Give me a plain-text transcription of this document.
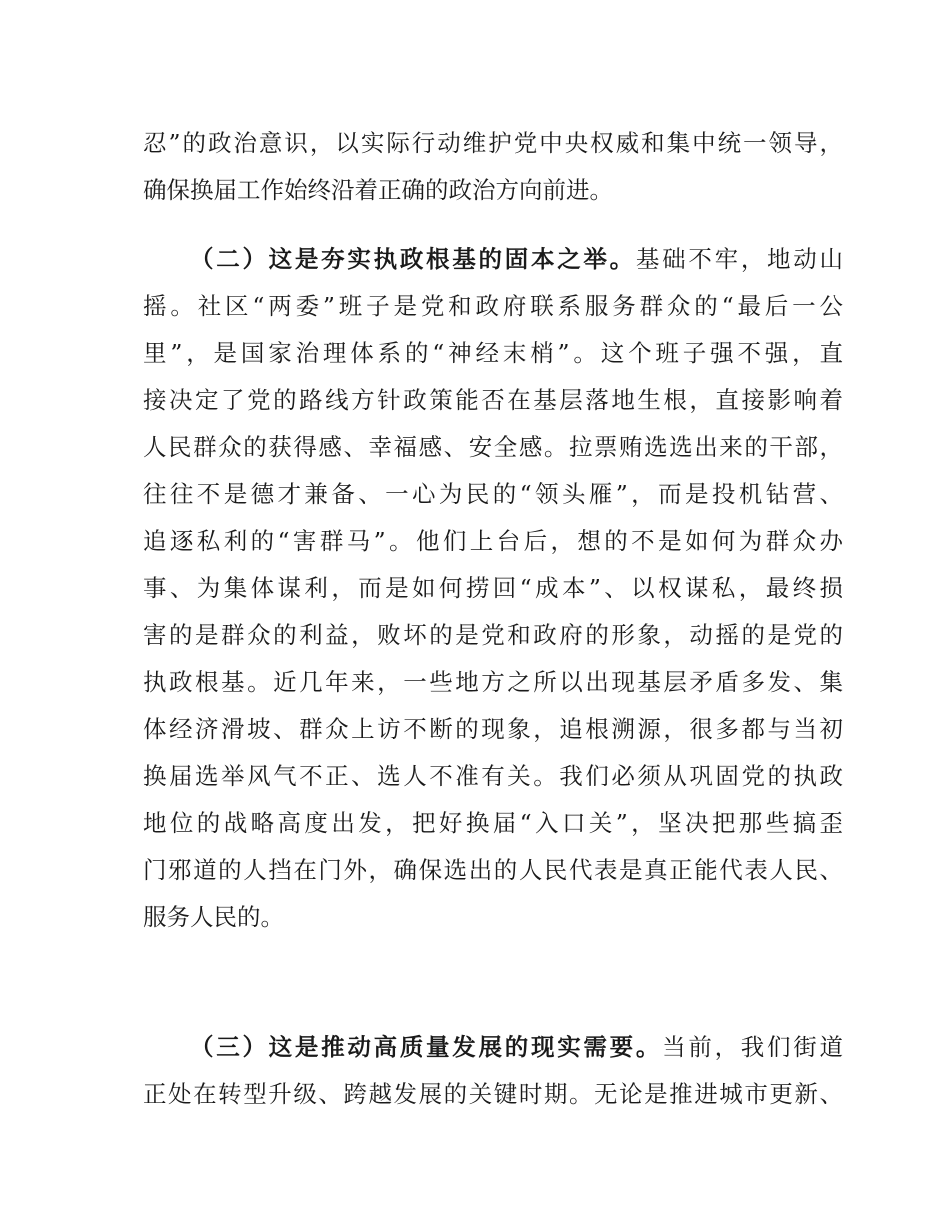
忍”的政治意识，以实际行动维护党中央权威和集中统一领导，
确保换届工作始终沿着正确的政治方向前进。
（二）这是夯实执政根基的固本之举。基础不牢，地动山
摇。社区“两委”班子是党和政府联系服务群众的“最后一公
里”，是国家治理体系的“神经末梢”。这个班子强不强，直
接决定了党的路线方针政策能否在基层落地生根，直接影响着
人民群众的获得感、幸福感、安全感。拉票贿选选出来的干部，
往往不是德才兼备、一心为民的“领头雁”，而是投机钻营、
追逐私利的“害群马”。他们上台后，想的不是如何为群众办
事、为集体谋利，而是如何捞回“成本”、以权谋私，最终损
害的是群众的利益，败坏的是党和政府的形象，动摇的是党的
执政根基。近几年来，一些地方之所以出现基层矛盾多发、集
体经济滑坡、群众上访不断的现象，追根溯源，很多都与当初
换届选举风气不正、选人不准有关。我们必须从巩固党的执政
地位的战略高度出发，把好换届“入口关”，坚决把那些搞歪
门邪道的人挡在门外，确保选出的人民代表是真正能代表人民、
服务人民的。
（三）这是推动高质量发展的现实需要。当前，我们街道
正处在转型升级、跨越发展的关键时期。无论是推进城市更新、
